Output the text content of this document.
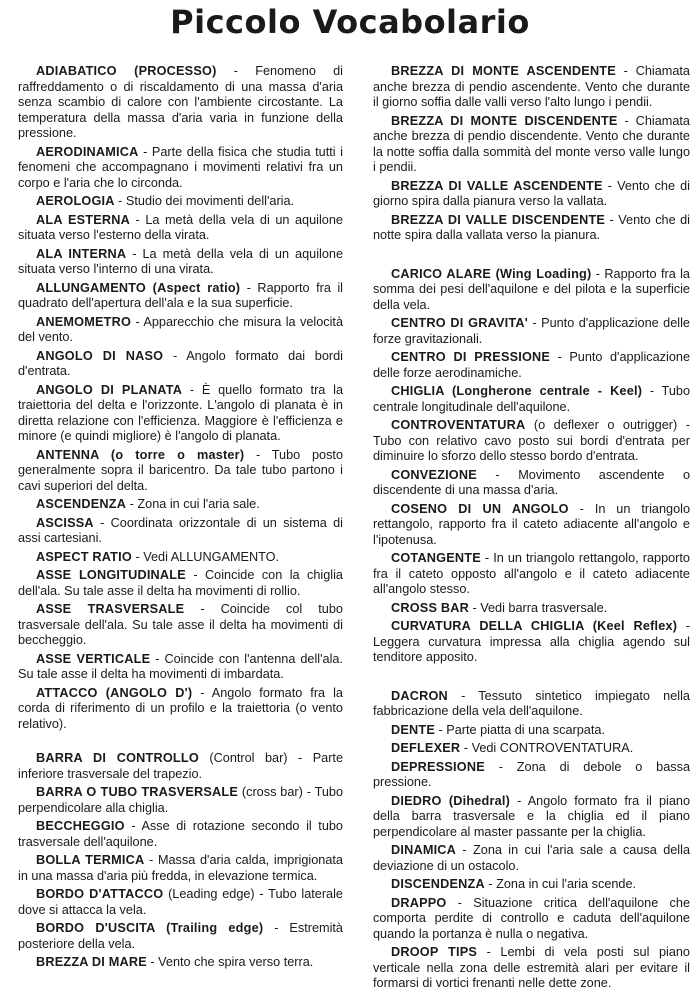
Piccolo Vocabolario

ADIABATICO (PROCESSO) - Fenomeno di raffreddamento o di riscaldamento di una massa d'aria senza scambio di calore con l'ambiente circostante. La temperatura della massa d'aria varia in funzione della pressione.

AERODINAMICA - Parte della fisica che studia tutti i fenomeni che accompagnano i movimenti relativi fra un corpo e l'aria che lo circonda.

AEROLOGIA - Studio dei movimenti dell'aria.

ALA ESTERNA - La metà della vela di un aquilone situata verso l'esterno della virata.

ALA INTERNA - La metà della vela di un aquilone situata verso l'interno di una virata.

ALLUNGAMENTO (Aspect ratio) - Rapporto fra il quadrato dell'apertura dell'ala e la sua superficie.

ANEMOMETRO - Apparecchio che misura la velocità del vento.

ANGOLO DI NASO - Angolo formato dai bordi d'entrata.

ANGOLO DI PLANATA - È quello formato tra la traiettoria del delta e l'orizzonte. L'angolo di planata è in diretta relazione con l'efficienza. Maggiore è l'efficienza e minore (e quindi migliore) è l'angolo di planata.

ANTENNA (o torre o master) - Tubo posto generalmente sopra il baricentro. Da tale tubo partono i cavi superiori del delta.

ASCENDENZA - Zona in cui l'aria sale.

ASCISSA - Coordinata orizzontale di un sistema di assi cartesiani.

ASPECT RATIO - Vedi ALLUNGAMENTO.

ASSE LONGITUDINALE - Coincide con la chiglia dell'ala. Su tale asse il delta ha movimenti di rollio.

ASSE TRASVERSALE - Coincide col tubo trasversale dell'ala. Su tale asse il delta ha movimenti di beccheggio.

ASSE VERTICALE - Coincide con l'antenna dell'ala. Su tale asse il delta ha movimenti di imbardata.

ATTACCO (ANGOLO D') - Angolo formato fra la corda di riferimento di un profilo e la traiettoria (o vento relativo).

BARRA DI CONTROLLO (Control bar) - Parte inferiore trasversale del trapezio.

BARRA O TUBO TRASVERSALE (cross bar) - Tubo perpendicolare alla chiglia.

BECCHEGGIO - Asse di rotazione secondo il tubo trasversale dell'aquilone.

BOLLA TERMICA - Massa d'aria calda, imprigionata in una massa d'aria più fredda, in elevazione termica.

BORDO D'ATTACCO (Leading edge) - Tubo laterale dove si attacca la vela.

BORDO D'USCITA (Trailing edge) - Estremità posteriore della vela.

BREZZA DI MARE - Vento che spira verso terra.

BREZZA DI MONTE ASCENDENTE - Chiamata anche brezza di pendio ascendente. Vento che durante il giorno soffia dalle valli verso l'alto lungo i pendii.

BREZZA DI MONTE DISCENDENTE - Chiamata anche brezza di pendio discendente. Vento che durante la notte soffia dalla sommità del monte verso valle lungo i pendii.

BREZZA DI VALLE ASCENDENTE - Vento che di giorno spira dalla pianura verso la vallata.

BREZZA DI VALLE DISCENDENTE - Vento che di notte spira dalla vallata verso la pianura.

CARICO ALARE (Wing Loading) - Rapporto fra la somma dei pesi dell'aquilone e del pilota e la superficie della vela.

CENTRO DI GRAVITA' - Punto d'applicazione delle forze gravitazionali.

CENTRO DI PRESSIONE - Punto d'applicazione delle forze aerodinamiche.

CHIGLIA (Longherone centrale - Keel) - Tubo centrale longitudinale dell'aquilone.

CONTROVENTATURA (o deflexer o outrigger) - Tubo con relativo cavo posto sui bordi d'entrata per diminuire lo sforzo dello stesso bordo d'entrata.

CONVEZIONE - Movimento ascendente o discendente di una massa d'aria.

COSENO DI UN ANGOLO - In un triangolo rettangolo, rapporto fra il cateto adiacente all'angolo e l'ipotenusa.

COTANGENTE - In un triangolo rettangolo, rapporto fra il cateto opposto all'angolo e il cateto adiacente all'angolo stesso.

CROSS BAR - Vedi barra trasversale.

CURVATURA DELLA CHIGLIA (Keel Reflex) - Leggera curvatura impressa alla chiglia agendo sul tenditore apposito.

DACRON - Tessuto sintetico impiegato nella fabbricazione della vela dell'aquilone.

DENTE - Parte piatta di una scarpata.

DEFLEXER - Vedi CONTROVENTATURA.

DEPRESSIONE - Zona di debole o bassa pressione.

DIEDRO (Dihedral) - Angolo formato fra il piano della barra trasversale e la chiglia ed il piano perpendicolare al master passante per la chiglia.

DINAMICA - Zona in cui l'aria sale a causa della deviazione di un ostacolo.

DISCENDENZA - Zona in cui l'aria scende.

DRAPPO - Situazione critica dell'aquilone che comporta perdite di controllo e caduta dell'aquilone quando la portanza è nulla o negativa.

DROOP TIPS - Lembi di vela posti sul piano verticale nella zona delle estremità alari per evitare il formarsi di vortici frenanti nelle dette zone.
